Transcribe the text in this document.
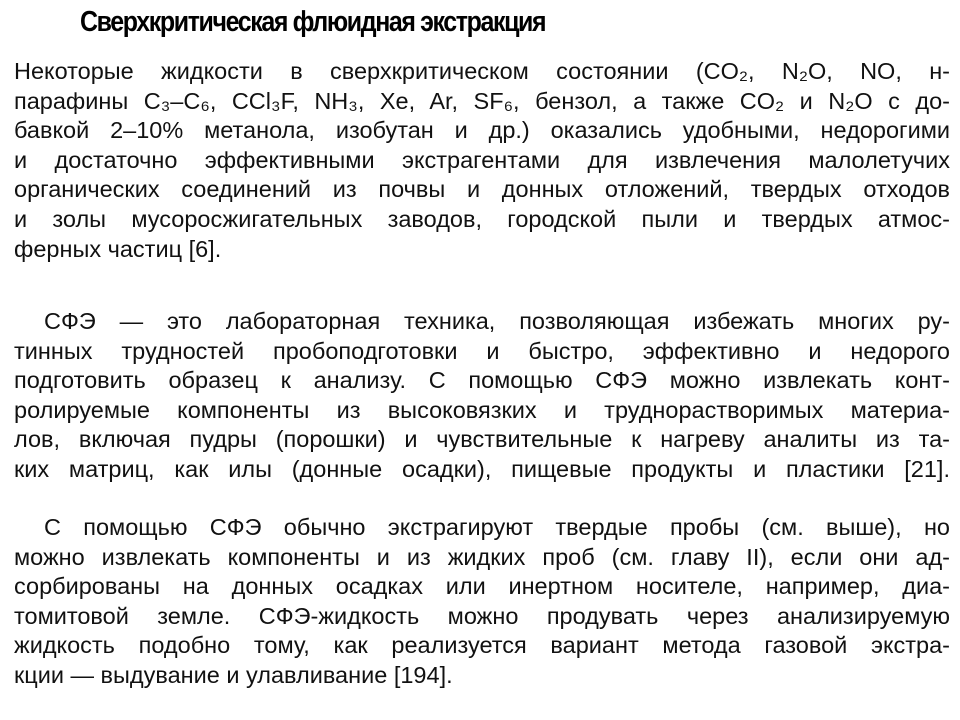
Сверхкритическая флюидная экстракция
Некоторые жидкости в сверхкритическом состоянии (CO₂, N₂O, NO, н-
парафины C₃–C₆, CCl₃F, NH₃, Xe, Ar, SF₆, бензол, а также CO₂ и N₂O с до-
бавкой 2–10% метанола, изобутан и др.) оказались удобными, недорогими
и достаточно эффективными экстрагентами для извлечения малолетучих
органических соединений из почвы и донных отложений, твердых отходов
и золы мусоросжигательных заводов, городской пыли и твердых атмос-
ферных частиц [6].
СФЭ — это лабораторная техника, позволяющая избежать многих ру-
тинных трудностей пробоподготовки и быстро, эффективно и недорого
подготовить образец к анализу. С помощью СФЭ можно извлекать конт-
ролируемые компоненты из высоковязких и труднорастворимых материа-
лов, включая пудры (порошки) и чувствительные к нагреву аналиты из та-
ких матриц, как илы (донные осадки), пищевые продукты и пластики [21].
С помощью СФЭ обычно экстрагируют твердые пробы (см. выше), но
можно извлекать компоненты и из жидких проб (см. главу II), если они ад-
сорбированы на донных осадках или инертном носителе, например, диа-
томитовой земле. СФЭ-жидкость можно продувать через анализируемую
жидкость подобно тому, как реализуется вариант метода газовой экстра-
кции — выдувание и улавливание [194].
